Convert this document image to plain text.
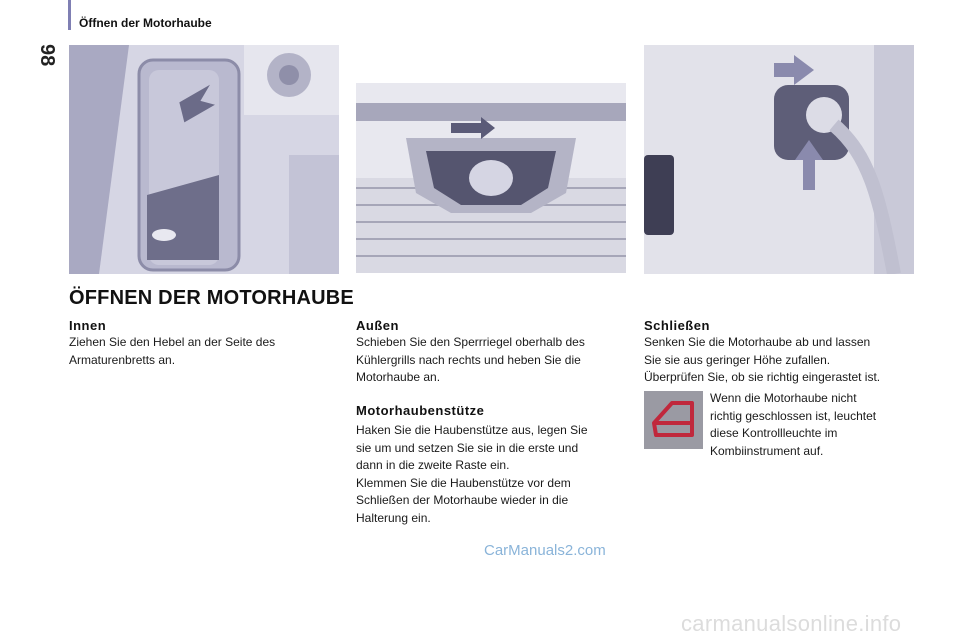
Öffnen der Motorhaube
98
ÖFFNEN DER MOTORHAUBE
Innen
Ziehen Sie den Hebel an der Seite des
Armaturenbretts an.
Außen
Schieben Sie den Sperrriegel oberhalb des
Kühlergrills nach rechts und heben Sie die
Motorhaube an.
Motorhaubenstütze
Haken Sie die Haubenstütze aus, legen Sie
sie um und setzen Sie sie in die erste und
dann in die zweite Raste ein.
Klemmen Sie die Haubenstütze vor dem
Schließen der Motorhaube wieder in die
Halterung ein.
Schließen
Senken Sie die Motorhaube ab und lassen
Sie sie aus geringer Höhe zufallen.
Überprüfen Sie, ob sie richtig eingerastet ist.
Wenn die Motorhaube nicht
richtig geschlossen ist, leuchtet
diese Kontrollleuchte im
Kombiinstrument auf.
CarManuals2.com
carmanualsonline.info
